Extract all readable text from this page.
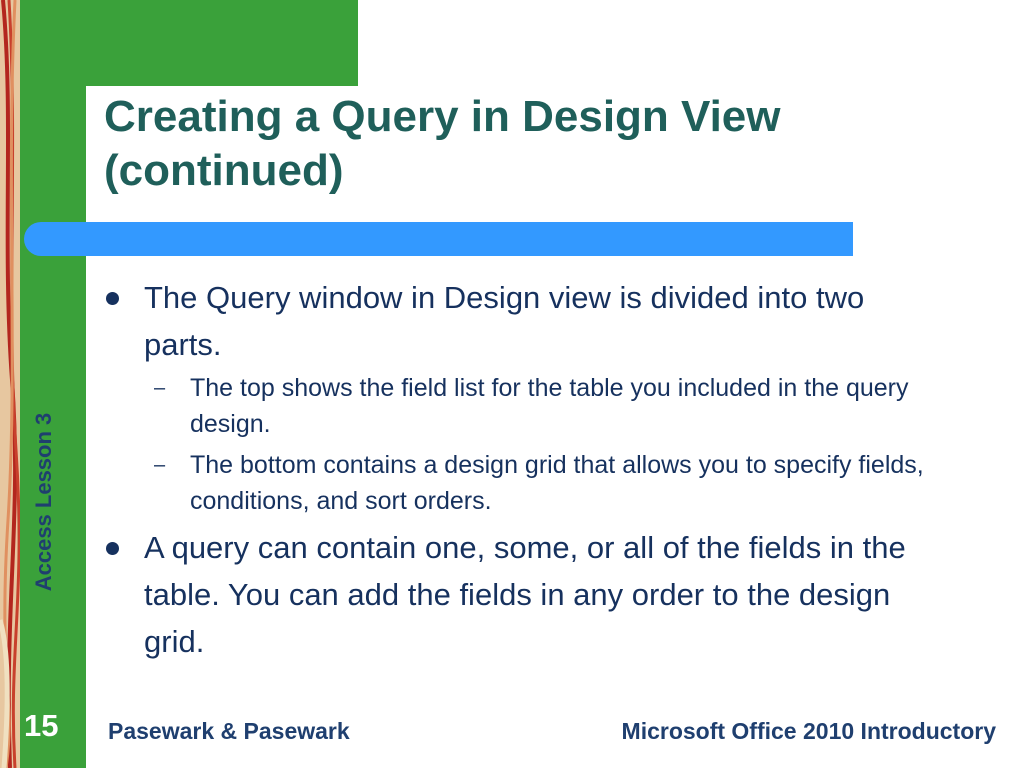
Creating a Query in Design View
(continued)
Access Lesson 3
The Query window in Design view is divided into two parts.
– The top shows the field list for the table you included in the query design.
– The bottom contains a design grid that allows you to specify fields, conditions, and sort orders.
A query can contain one, some, or all of the fields in the table. You can add the fields in any order to the design grid.
15 Pasewark & Pasewark	Microsoft Office 2010 Introductory
